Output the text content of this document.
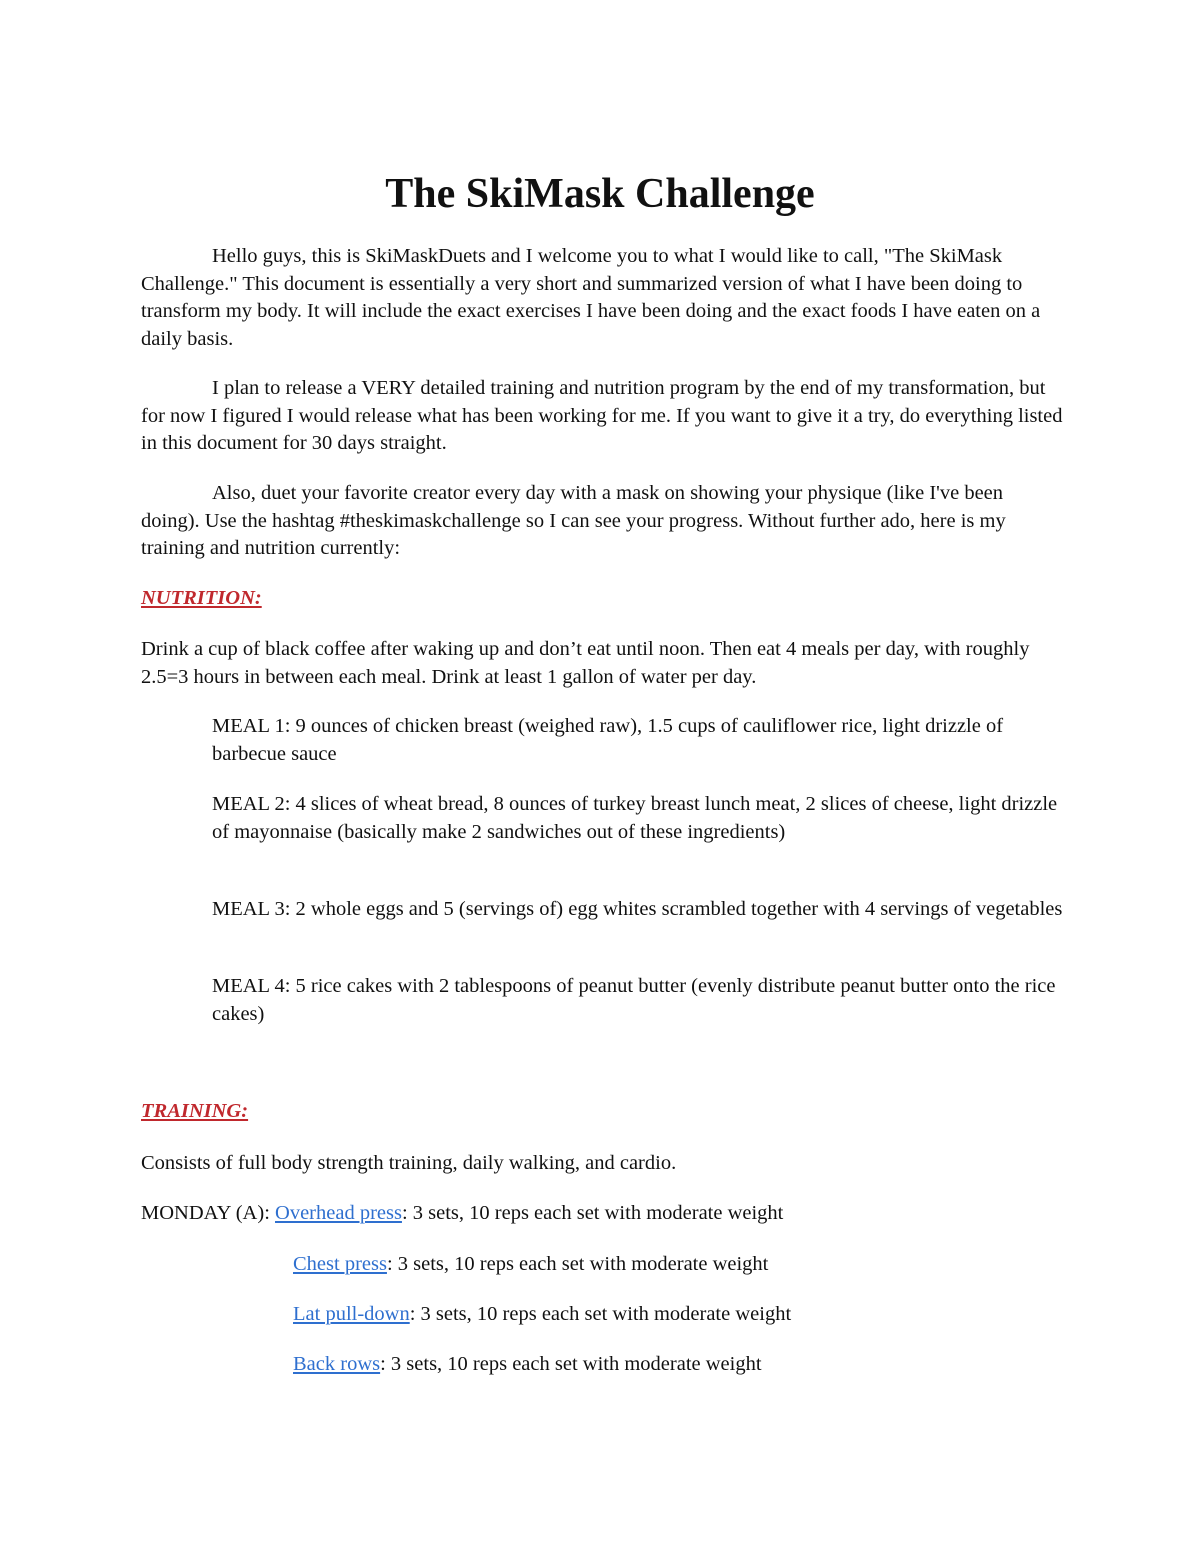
The SkiMask Challenge

Hello guys, this is SkiMaskDuets and I welcome you to what I would like to call, "The SkiMask Challenge." This document is essentially a very short and summarized version of what I have been doing to transform my body. It will include the exact exercises I have been doing and the exact foods I have eaten on a daily basis.

I plan to release a VERY detailed training and nutrition program by the end of my transformation, but for now I figured I would release what has been working for me. If you want to give it a try, do everything listed in this document for 30 days straight.

Also, duet your favorite creator every day with a mask on showing your physique (like I've been doing). Use the hashtag #theskimaskchallenge so I can see your progress. Without further ado, here is my training and nutrition currently:

NUTRITION:

Drink a cup of black coffee after waking up and don’t eat until noon. Then eat 4 meals per day, with roughly 2.5=3 hours in between each meal. Drink at least 1 gallon of water per day.

MEAL 1: 9 ounces of chicken breast (weighed raw), 1.5 cups of cauliflower rice, light drizzle of barbecue sauce

MEAL 2: 4 slices of wheat bread, 8 ounces of turkey breast lunch meat, 2 slices of cheese, light drizzle of mayonnaise (basically make 2 sandwiches out of these ingredients)

MEAL 3: 2 whole eggs and 5 (servings of) egg whites scrambled together with 4 servings of vegetables

MEAL 4: 5 rice cakes with 2 tablespoons of peanut butter (evenly distribute peanut butter onto the rice cakes)

TRAINING:

Consists of full body strength training, daily walking, and cardio.

MONDAY (A): Overhead press: 3 sets, 10 reps each set with moderate weight

Chest press: 3 sets, 10 reps each set with moderate weight

Lat pull-down: 3 sets, 10 reps each set with moderate weight

Back rows: 3 sets, 10 reps each set with moderate weight
